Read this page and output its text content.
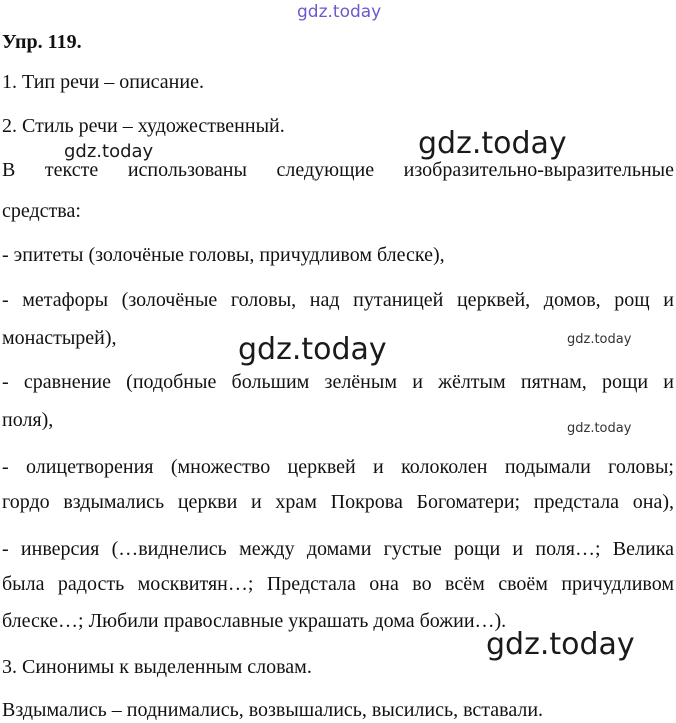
Упр. 119.
1. Тип речи – описание.
2. Стиль речи – художественный.
В тексте использованы следующие изобразительно-выразительные
средства:
- эпитеты (золочёные головы, причудливом блеске),
- метафоры (золочёные головы, над путаницей церквей, домов, рощ и
монастырей),
- сравнение (подобные большим зелёным и жёлтым пятнам, рощи и
поля),
- олицетворения (множество церквей и колоколен подымали головы;
гордо вздымались церкви и храм Покрова Богоматери; предстала она),
- инверсия (…виднелись между домами густые рощи и поля…; Велика
была радость москвитян…; Предстала она во всём своём причудливом
блеске…; Любили православные украшать дома божии…).
3. Синонимы к выделенным словам.
Вздымались – поднимались, возвышались, высились, вставали.
gdz.today
gdz.today
gdz.today
gdz.today	gdz.today
gdz.today
gdz.today
